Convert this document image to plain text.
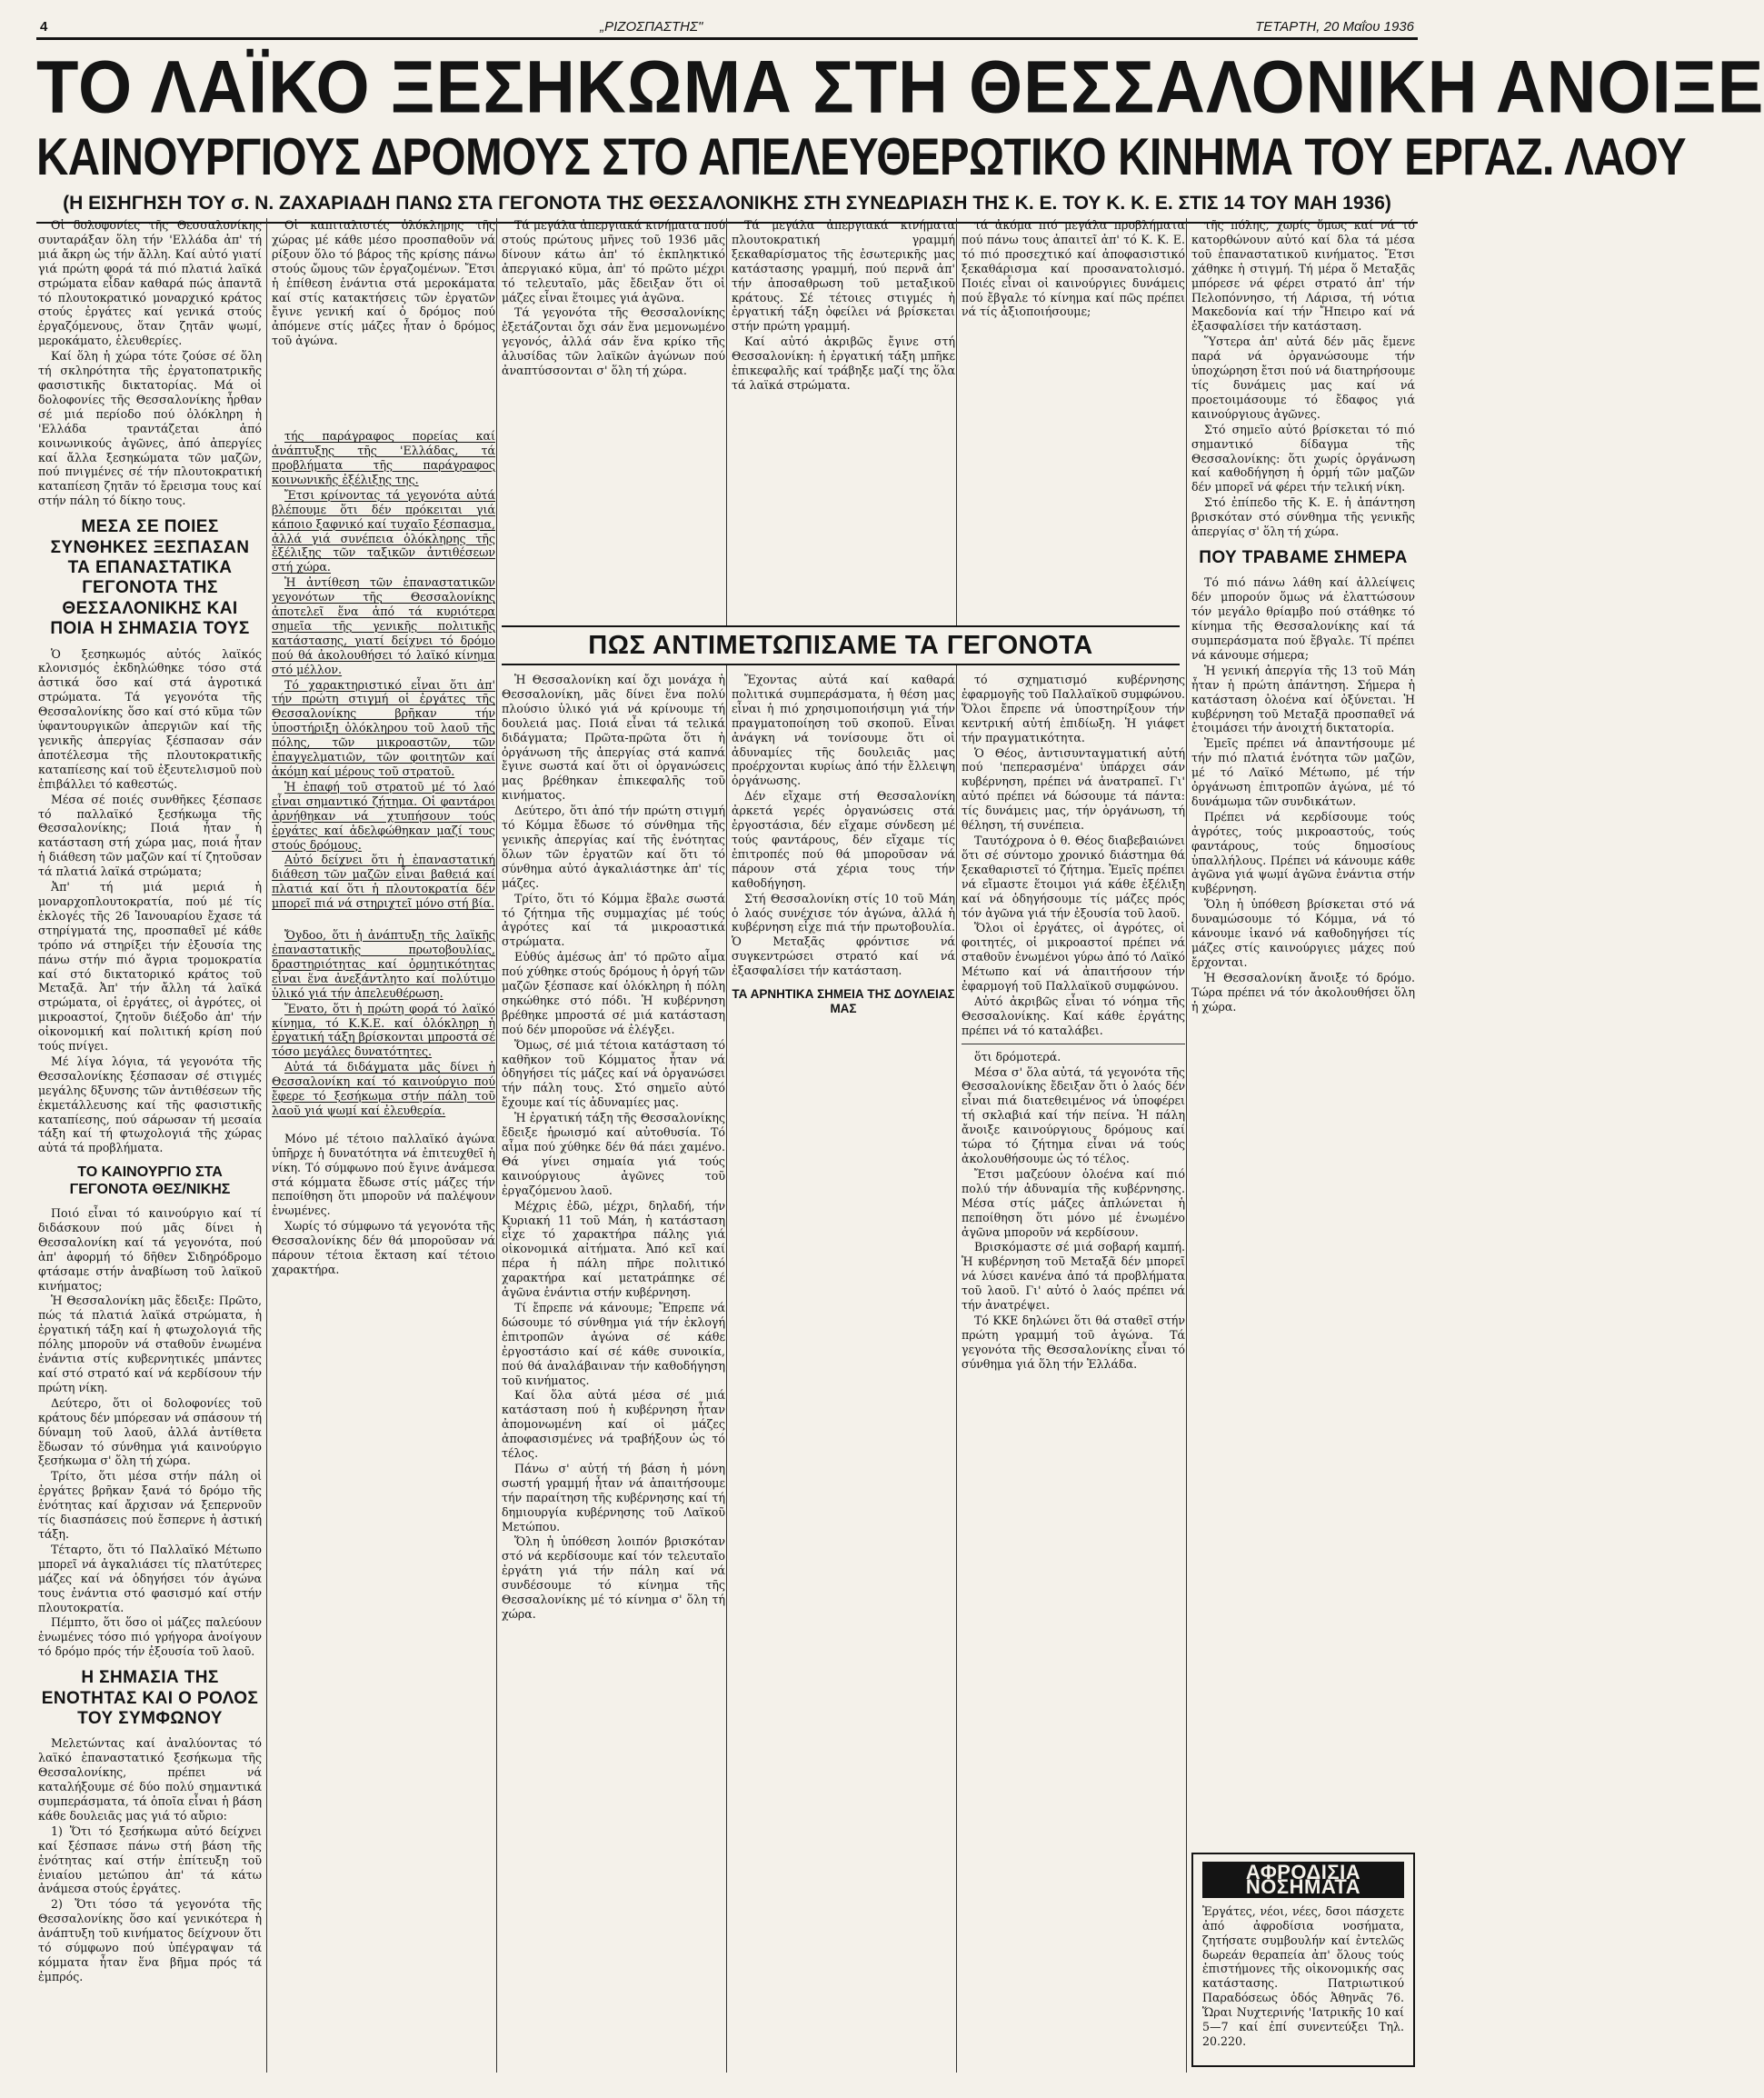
4	„ΡΙΖΟΣΠΑΣΤΗΣ"	ΤΕΤΑΡΤΗ, 20 Μαΐου 1936
ΤΟ ΛΑΪΚΟ ΞΕΣΗΚΩΜΑ ΣΤΗ ΘΕΣΣΑΛΟΝΙΚΗ ΑΝΟΙΞΕ
ΚΑΙΝΟΥΡΓΙΟΥΣ ΔΡΟΜΟΥΣ ΣΤΟ ΑΠΕΛΕΥΘΕΡΩΤΙΚΟ ΚΙΝΗΜΑ ΤΟΥ ΕΡΓΑΖ. ΛΑΟΥ
(Η ΕΙΣΗΓΗΣΗ ΤΟΥ σ. Ν. ΖΑΧΑΡΙΑΔΗ ΠΑΝΩ ΣΤΑ ΓΕΓΟΝΟΤΑ ΤΗΣ ΘΕΣΣΑΛΟΝΙΚΗΣ ΣΤΗ ΣΥΝΕΔΡΙΑΣΗ ΤΗΣ Κ. Ε. ΤΟΥ Κ. Κ. Ε. ΣΤΙΣ 14 ΤΟΥ ΜΑΗ 1936)

Οἱ δολοφονίες τῆς Θεσσαλονίκης συνταράξαν ὅλη τήν 'Ελλάδα ἀπ' τή μιά ἄκρη ὡς τήν ἄλλη. Καί αὐτό γιατί γιά πρώτη φορά τά πιό πλατιά λαϊκά στρώματα εἶδαν καθαρά πώς ἀπαντᾶ τό πλουτοκρατικό μοναρχικό κράτος στούς ἐργάτες καί γενικά στούς ἐργαζόμενους, ὅταν ζητᾶν ψωμί, μεροκάματο, ἐλευθερίες.

Καί ὅλη ἡ χώρα τότε ζούσε σέ ὅλη τή σκληρότητα τῆς ἐργατοπατρικῆς φασιστικῆς δικτατορίας. Μά οἱ δολοφονίες τῆς Θεσσαλονίκης ἦρθαν σέ μιά περίοδο πού ὁλόκληρη ἡ 'Ελλάδα τραντάζεται ἀπό κοινωνικούς ἀγῶνες, ἀπό ἀπεργίες καί ἄλλα ξεσηκώματα τῶν μαζῶν, πού πνιγμένες σέ τήν πλουτοκρατική καταπίεση ζητᾶν τό ἔρεισμα τους καί στήν πάλη τό δίκηο τους.

ΜΕΣΑ ΣΕ ΠΟΙΕΣ ΣΥΝΘΗΚΕΣ ΞΕΣΠΑΣΑΝ ΤΑ ΕΠΑΝΑΣΤΑΤΙΚΑ ΓΕΓΟΝΟΤΑ ΤΗΣ ΘΕΣΣΑΛΟΝΙΚΗΣ ΚΑΙ ΠΟΙΑ Η ΣΗΜΑΣΙΑ ΤΟΥΣ

Ὁ ξεσηκωμός αὐτός λαϊκός κλονισμός ἐκδηλώθηκε τόσο στά ἀστικά ὅσο καί στά ἀγροτικά στρώματα. Τά γεγονότα τῆς Θεσσαλονίκης ὅσο καί στό κῦμα τῶν ὑφαντουργικῶν ἀπεργιῶν καί τῆς γενικῆς ἀπεργίας ξέσπασαν σάν ἀποτέλεσμα τῆς πλουτοκρατικῆς καταπίεσης καί τοῦ ἐξευτελισμοῦ ποὺ ἐπιβάλλει τό καθεστώς.

Μέσα σέ ποιές συνθῆκες ξέσπασε τό παλλαϊκό ξεσήκωμα τῆς Θεσσαλονίκης; Ποιά ἦταν ἡ κατάσταση στή χώρα μας, ποιά ἦταν ἡ διάθεση τῶν μαζῶν καί τί ζητοῦσαν τά πλατιά λαϊκά στρώματα;

Ἀπ' τή μιά μεριά ἡ μοναρχοπλουτοκρατία, πού μέ τίς ἐκλογές τῆς 26 Ἰανουαρίου ἔχασε τά στηρίγματά της, προσπαθεῖ μέ κάθε τρόπο νά στηρίξει τήν ἐξουσία της πάνω στήν πιό ἄγρια τρομοκρατία καί στό δικτατορικό κράτος τοῦ Μεταξᾶ. Ἀπ' τήν ἄλλη τά λαϊκά στρώματα, οἱ ἐργάτες, οἱ ἀγρότες, οἱ μικροαστοί, ζητοῦν διέξοδο ἀπ' τήν οἰκονομική καί πολιτική κρίση πού τούς πνίγει.

Μέ λίγα λόγια, τά γεγονότα τῆς Θεσσαλονίκης ξέσπασαν σέ στιγμές μεγάλης δξυνσης τῶν ἀντιθέσεων τῆς ἐκμετάλλευσης καί τῆς φασιστικῆς καταπίεσης, πού σάρωσαν τή μεσαία τάξη καί τή φτωχολογιά τῆς χώρας αὐτά τά προβλήματα.

ΤΟ ΚΑΙΝΟΥΡΓΙΟ ΣΤΑ ΓΕΓΟΝΟΤΑ ΘΕΣ/ΝΙΚΗΣ

Ποιό εἶναι τό καινούργιο καί τί διδάσκουν πού μᾶς δίνει ἡ Θεσσαλονίκη καί τά γεγονότα, πού ἀπ' ἀφορμή τό δῆθεν Σιδηρόδρομο φτάσαμε στήν ἀναβίωση τοῦ λαϊκοῦ κινήματος;

Ἡ Θεσσαλονίκη μᾶς ἔδειξε: Πρῶτο, πώς τά πλατιά λαϊκά στρώματα, ἡ ἐργατική τάξη καί ἡ φτωχολογιά τῆς πόλης μποροῦν νά σταθοῦν ἑνωμένα ἐνάντια στίς κυβερνητικές μπάντες καί στό στρατό καί νά κερδίσουν τήν πρώτη νίκη.

Δεύτερο, ὅτι οἱ δολοφονίες τοῦ κράτους δέν μπόρεσαν νά σπάσουν τή δύναμη τοῦ λαοῦ, ἀλλά ἀντίθετα ἔδωσαν τό σύνθημα γιά καινούργιο ξεσήκωμα σ' ὅλη τή χώρα.

Τρίτο, ὅτι μέσα στήν πάλη οἱ ἐργάτες βρῆκαν ξανά τό δρόμο τῆς ἑνότητας καί ἄρχισαν νά ξεπερνοῦν τίς διασπάσεις πού ἔσπερνε ἡ ἀστική τάξη.

Τέταρτο, ὅτι τό Παλλαϊκό Μέτωπο μπορεῖ νά ἀγκαλιάσει τίς πλατύτερες μάζες καί νά ὁδηγήσει τόν ἀγώνα τους ἐνάντια στό φασισμό καί στήν πλουτοκρατία.

Πέμπτο, ὅτι ὅσο οἱ μάζες παλεύουν ἑνωμένες τόσο πιό γρήγορα ἀνοίγουν τό δρόμο πρός τήν ἐξουσία τοῦ λαοῦ.

Η ΣΗΜΑΣΙΑ ΤΗΣ ΕΝΟΤΗΤΑΣ ΚΑΙ Ο ΡΟΛΟΣ ΤΟΥ ΣΥΜΦΩΝΟΥ

Μελετώντας καί ἀναλύοντας τό λαϊκό ἐπαναστατικό ξεσήκωμα τῆς Θεσσαλονίκης, πρέπει νά καταλήξουμε σέ δύο πολύ σημαντικά συμπεράσματα, τά ὁποῖα εἶναι ἡ βάση κάθε δουλειᾶς μας γιά τό αὔριο:

1) Ὅτι τό ξεσήκωμα αὐτό δείχνει καί ξέσπασε πάνω στή βάση τῆς ἑνότητας καί στήν ἐπίτευξη τοῦ ἑνιαίου μετώπου ἀπ' τά κάτω ἀνάμεσα στούς ἐργάτες.

2) Ὅτι τόσο τά γεγονότα τῆς Θεσσαλονίκης ὅσο καί γενικότερα ἡ ἀνάπτυξη τοῦ κινήματος δείχνουν ὅτι τό σύμφωνο πού ὑπέγραψαν τά κόμματα ἦταν ἕνα βῆμα πρός τά ἐμπρός.

Οἱ καπιταλιστές ὁλόκληρης τῆς χώρας μέ κάθε μέσο προσπαθοῦν νά ρίξουν ὅλο τό βάρος τῆς κρίσης πάνω στούς ὤμους τῶν ἐργαζομένων. Ἔτσι ἡ ἐπίθεση ἐνάντια στά μεροκάματα καί στίς κατακτήσεις τῶν ἐργατῶν ἔγινε γενική καί ὁ δρόμος πού ἀπόμενε στίς μάζες ἦταν ὁ δρόμος τοῦ ἀγώνα.

τής παράγραφος πορείας καί ἀνάπτυξης τῆς 'Ελλάδας, τά προβλήματα τῆς παράγραφος κοινωνικῆς ἐξέλιξης της.

Ἔτσι κρίνοντας τά γεγονότα αὐτά βλέπουμε ὅτι δέν πρόκειται γιά κάποιο ξαφνικό καί τυχαῖο ξέσπασμα, ἀλλά γιά συνέπεια ὁλόκληρης τῆς ἐξέλιξης τῶν ταξικῶν ἀντιθέσεων στή χώρα.

Ἡ ἀντίθεση τῶν ἐπαναστατικῶν γεγονότων τῆς Θεσσαλονίκης ἀποτελεῖ ἕνα ἀπό τά κυριότερα σημεῖα τῆς γενικῆς πολιτικῆς κατάστασης, γιατί δείχνει τό δρόμο πού θά ἀκολουθήσει τό λαϊκό κίνημα στό μέλλον.

Τό χαρακτηριστικό εἶναι ὅτι ἀπ' τήν πρώτη στιγμή οἱ ἐργάτες τῆς Θεσσαλονίκης βρῆκαν τήν ὑποστήριξη ὁλόκληρου τοῦ λαοῦ τῆς πόλης, τῶν μικροαστῶν, τῶν ἐπαγγελματιῶν, τῶν φοιτητῶν καί ἀκόμη καί μέρους τοῦ στρατοῦ.

Ἡ ἐπαφή τοῦ στρατοῦ μέ τό λαό εἶναι σημαντικό ζήτημα. Οἱ φαντάροι ἀρνήθηκαν νά χτυπήσουν τούς ἐργάτες καί ἀδελφώθηκαν μαζί τους στούς δρόμους.

Αὐτό δείχνει ὅτι ἡ ἐπαναστατική διάθεση τῶν μαζῶν εἶναι βαθειά καί πλατιά καί ὅτι ἡ πλουτοκρατία δέν μπορεῖ πιά νά στηριχτεῖ μόνο στή βία.

Ὄγδοο, ὅτι ἡ ἀνάπτυξη τῆς λαϊκῆς ἐπαναστατικῆς πρωτοβουλίας, δραστηριότητας καί ὁρμητικότητας εἶναι ἕνα ἀνεξάντλητο καί πολύτιμο ὑλικό γιά τήν ἀπελευθέρωση.

Ἔνατο, ὅτι ἡ πρώτη φορά τό λαϊκό κίνημα, τό Κ.Κ.Ε. καί ὁλόκληρη ἡ ἐργατική τάξη βρίσκονται μπροστά σέ τόσο μεγάλες δυνατότητες.

Αὐτά τά διδάγματα μᾶς δίνει ἡ Θεσσαλονίκη καί τό καινούργιο πού ἔφερε τό ξεσήκωμα στήν πάλη τοῦ λαοῦ γιά ψωμί καί ἐλευθερία.

Μόνο μέ τέτοιο παλλαϊκό ἀγώνα ὑπῆρχε ἡ δυνατότητα νά ἐπιτευχθεῖ ἡ νίκη. Τό σύμφωνο πού ἔγινε ἀνάμεσα στά κόμματα ἔδωσε στίς μάζες τήν πεποίθηση ὅτι μποροῦν νά παλέψουν ἑνωμένες.

Χωρίς τό σύμφωνο τά γεγονότα τῆς Θεσσαλονίκης δέν θά μποροῦσαν νά πάρουν τέτοια ἔκταση καί τέτοιο χαρακτήρα.

Τά μεγάλα ἀπεργιακά κινήματα πού στούς πρώτους μῆνες τοῦ 1936 μᾶς δίνουν κάτω ἀπ' τό ἐκπληκτικό ἀπεργιακό κῦμα, ἀπ' τό πρῶτο μέχρι τό τελευταῖο, μᾶς ἔδειξαν ὅτι οἱ μάζες εἶναι ἕτοιμες γιά ἀγῶνα.

Τά γεγονότα τῆς Θεσσαλονίκης ἐξετάζονται ὄχι σάν ἕνα μεμονωμένο γεγονός, ἀλλά σάν ἕνα κρίκο τῆς ἁλυσίδας τῶν λαϊκῶν ἀγώνων πού ἀναπτύσσονται σ' ὅλη τή χώρα.

Τά μεγάλα ἀπεργιακά κινήματα πλουτοκρατική γραμμή ξεκαθαρίσματος τῆς ἐσωτερικῆς μας κατάστασης γραμμή, πού περνᾶ ἀπ' τήν ἀποσαθρωση τοῦ μεταξικοῦ κράτους. Σέ τέτοιες στιγμές ἡ ἐργατική τάξη ὀφείλει νά βρίσκεται στήν πρώτη γραμμή.

Καί αὐτό ἀκριβῶς ἔγινε στή Θεσσαλονίκη: ἡ ἐργατική τάξη μπῆκε ἐπικεφαλῆς καί τράβηξε μαζί της ὅλα τά λαϊκά στρώματα.

τά ἀκόμα πιό μεγάλα προβλήματα πού πάνω τους ἀπαιτεῖ ἀπ' τό Κ. Κ. Ε. τό πιό προσεχτικό καί ἀποφασιστικό ξεκαθάρισμα καί προσανατολισμό. Ποιές εἶναι οἱ καινούργιες δυνάμεις πού ἔβγαλε τό κίνημα καί πῶς πρέπει νά τίς ἀξιοποιήσουμε;

ΠΩΣ ΑΝΤΙΜΕΤΩΠΙΣΑΜΕ ΤΑ ΓΕΓΟΝΟΤΑ

Ἡ Θεσσαλονίκη καί ὄχι μονάχα ἡ Θεσσαλονίκη, μᾶς δίνει ἕνα πολύ πλούσιο ὑλικό γιά νά κρίνουμε τή δουλειά μας. Ποιά εἶναι τά τελικά διδάγματα; Πρῶτα-πρῶτα ὅτι ἡ ὀργάνωση τῆς ἀπεργίας στά καπνά ἔγινε σωστά καί ὅτι οἱ ὀργανώσεις μας βρέθηκαν ἐπικεφαλῆς τοῦ κινήματος.

Δεύτερο, ὅτι ἀπό τήν πρώτη στιγμή τό Κόμμα ἔδωσε τό σύνθημα τῆς γενικῆς ἀπεργίας καί τῆς ἑνότητας ὅλων τῶν ἐργατῶν καί ὅτι τό σύνθημα αὐτό ἀγκαλιάστηκε ἀπ' τίς μάζες.

Τρίτο, ὅτι τό Κόμμα ἔβαλε σωστά τό ζήτημα τῆς συμμαχίας μέ τούς ἀγρότες καί τά μικροαστικά στρώματα.

Εὐθύς ἀμέσως ἀπ' τό πρῶτο αἷμα πού χύθηκε στούς δρόμους ἡ ὀργή τῶν μαζῶν ξέσπασε καί ὁλόκληρη ἡ πόλη σηκώθηκε στό πόδι. Ἡ κυβέρνηση βρέθηκε μπροστά σέ μιά κατάσταση πού δέν μποροῦσε νά ἐλέγξει.

Ὅμως, σέ μιά τέτοια κατάσταση τό καθῆκον τοῦ Κόμματος ἦταν νά ὁδηγήσει τίς μάζες καί νά ὀργανώσει τήν πάλη τους. Στό σημεῖο αὐτό ἔχουμε καί τίς ἀδυναμίες μας.

Ἡ ἐργατική τάξη τῆς Θεσσαλονίκης ἔδειξε ἡρωισμό καί αὐτοθυσία. Τό αἷμα πού χύθηκε δέν θά πάει χαμένο. Θά γίνει σημαία γιά τούς καινούργιους ἀγῶνες τοῦ ἐργαζόμενου λαοῦ.

Μέχρις ἐδῶ, μέχρι, δηλαδή, τήν Κυριακή 11 τοῦ Μάη, ἡ κατάσταση εἶχε τό χαρακτήρα πάλης γιά οἰκονομικά αἰτήματα. Ἀπό κεῖ καί πέρα ἡ πάλη πῆρε πολιτικό χαρακτήρα καί μετατράπηκε σέ ἀγῶνα ἐνάντια στήν κυβέρνηση.

Τί ἔπρεπε νά κάνουμε; Ἔπρεπε νά δώσουμε τό σύνθημα γιά τήν ἐκλογή ἐπιτροπῶν ἀγώνα σέ κάθε ἐργοστάσιο καί σέ κάθε συνοικία, πού θά ἀναλάβαιναν τήν καθοδήγηση τοῦ κινήματος.

Καί ὅλα αὐτά μέσα σέ μιά κατάσταση πού ἡ κυβέρνηση ἦταν ἀπομονωμένη καί οἱ μάζες ἀποφασισμένες νά τραβήξουν ὡς τό τέλος.

Πάνω σ' αὐτή τή βάση ἡ μόνη σωστή γραμμή ἦταν νά ἀπαιτήσουμε τήν παραίτηση τῆς κυβέρνησης καί τή δημιουργία κυβέρνησης τοῦ Λαϊκοῦ Μετώπου.

Ὅλη ἡ ὑπόθεση λοιπόν βρισκόταν στό νά κερδίσουμε καί τόν τελευταῖο ἐργάτη γιά τήν πάλη καί νά συνδέσουμε τό κίνημα τῆς Θεσσαλονίκης μέ τό κίνημα σ' ὅλη τή χώρα.

Ἔχοντας αὐτά καί καθαρά πολιτικά συμπεράσματα, ἡ θέση μας εἶναι ἡ πιό χρησιμοποιήσιμη γιά τήν πραγματοποίηση τοῦ σκοποῦ. Εἶναι ἀνάγκη νά τονίσουμε ὅτι οἱ ἀδυναμίες τῆς δουλειᾶς μας προέρχονται κυρίως ἀπό τήν ἔλλειψη ὀργάνωσης.

Δέν εἴχαμε στή Θεσσαλονίκη ἀρκετά γερές ὀργανώσεις στά ἐργοστάσια, δέν εἴχαμε σύνδεση μέ τούς φαντάρους, δέν εἴχαμε τίς ἐπιτροπές πού θά μποροῦσαν νά πάρουν στά χέρια τους τήν καθοδήγηση.

Στή Θεσσαλονίκη στίς 10 τοῦ Μάη ὁ λαός συνέχισε τόν ἀγώνα, ἀλλά ἡ κυβέρνηση εἶχε πιά τήν πρωτοβουλία. Ὁ Μεταξᾶς φρόντισε νά συγκεντρώσει στρατό καί νά ἐξασφαλίσει τήν κατάσταση.

ΤΑ ΑΡΝΗΤΙΚΑ ΣΗΜΕΙΑ ΤΗΣ ΔΟΥΛΕΙΑΣ ΜΑΣ

τῆς πόλης, χωρίς ὅμως καί νά τό κατορθώνουν αὐτό καί δλα τά μέσα τοῦ ἐπαναστατικοῦ κινήματος. Ἔτσι χάθηκε ἡ στιγμή. Τή μέρα ὅ Μεταξᾶς μπόρεσε νά φέρει στρατό ἀπ' τήν Πελοπόννησο, τή Λάρισα, τή νότια Μακεδονία καί τήν Ἤπειρο καί νά ἐξασφαλίσει τήν κατάσταση.

Ὕστερα ἀπ' αὐτά δέν μᾶς ἔμενε παρά νά ὀργανώσουμε τήν ὑποχώρηση ἔτσι πού νά διατηρήσουμε τίς δυνάμεις μας καί νά προετοιμάσουμε τό ἔδαφος γιά καινούργιους ἀγῶνες.

Στό σημεῖο αὐτό βρίσκεται τό πιό σημαντικό δίδαγμα τῆς Θεσσαλονίκης: ὅτι χωρίς ὀργάνωση καί καθοδήγηση ἡ ὁρμή τῶν μαζῶν δέν μπορεῖ νά φέρει τήν τελική νίκη.

Στό ἐπίπεδο τῆς Κ. Ε. ἡ ἀπάντηση βρισκόταν στό σύνθημα τῆς γενικῆς ἀπεργίας σ' ὅλη τή χώρα.

ΠΟΥ ΤΡΑΒΑΜΕ ΣΗΜΕΡΑ

Τό πιό πάνω λάθη καί ἀλλείψεις δέν μπορούν ὅμως νά ἐλαττώσουν τόν μεγάλο θρίαμβο πού στάθηκε τό κίνημα τῆς Θεσσαλονίκης καί τά συμπεράσματα πού ἔβγαλε. Τί πρέπει νά κάνουμε σήμερα;

Ἡ γενική ἀπεργία τῆς 13 τοῦ Μάη ἦταν ἡ πρώτη ἀπάντηση. Σήμερα ἡ κατάσταση ὁλοένα καί ὀξύνεται. Ἡ κυβέρνηση τοῦ Μεταξᾶ προσπαθεῖ νά ἑτοιμάσει τήν ἀνοιχτή δικτατορία.

Ἐμεῖς πρέπει νά ἀπαντήσουμε μέ τήν πιό πλατιά ἑνότητα τῶν μαζῶν, μέ τό Λαϊκό Μέτωπο, μέ τήν ὀργάνωση ἐπιτροπῶν ἀγώνα, μέ τό δυνάμωμα τῶν συνδικάτων.

Πρέπει νά κερδίσουμε τούς ἀγρότες, τούς μικροαστούς, τούς φαντάρους, τούς δημοσίους ὑπαλλήλους. Πρέπει νά κάνουμε κάθε ἀγῶνα γιά ψωμί ἀγῶνα ἐνάντια στήν κυβέρνηση.

Ὅλη ἡ ὑπόθεση βρίσκεται στό νά δυναμώσουμε τό Κόμμα, νά τό κάνουμε ἱκανό νά καθοδηγήσει τίς μάζες στίς καινούργιες μάχες πού ἔρχονται.

Ἡ Θεσσαλονίκη ἄνοιξε τό δρόμο. Τώρα πρέπει νά τόν ἀκολουθήσει ὅλη ἡ χώρα.

τό σχηματισμό κυβέρνησης ἐφαρμογῆς τοῦ Παλλαϊκοῦ συμφώνου. Ὅλοι ἔπρεπε νά ὑποστηρίξουν τήν κεντρική αὐτή ἐπιδίωξη. Ἡ γιάφετ τήν πραγματικότητα.

Ὁ Θέος, ἀντισυνταγματική αὐτή πού 'πεπερασμένα' ὑπάρχει σάν κυβέρνηση, πρέπει νά ἀνατραπεῖ. Γι' αὐτό πρέπει νά δώσουμε τά πάντα: τίς δυνάμεις μας, τήν ὀργάνωση, τή θέληση, τή συνέπεια.

Ταυτόχρονα ὁ θ. Θέος διαβεβαιώνει ὅτι σέ σύντομο χρονικό διάστημα θά ξεκαθαριστεῖ τό ζήτημα. Ἐμεῖς πρέπει νά εἴμαστε ἕτοιμοι γιά κάθε ἐξέλιξη καί νά ὁδηγήσουμε τίς μάζες πρός τόν ἀγῶνα γιά τήν ἐξουσία τοῦ λαοῦ.

Ὅλοι οἱ ἐργάτες, οἱ ἀγρότες, οἱ φοιτητές, οἱ μικροαστοί πρέπει νά σταθοῦν ἑνωμένοι γύρω ἀπό τό Λαϊκό Μέτωπο καί νά ἀπαιτήσουν τήν ἐφαρμογή τοῦ Παλλαϊκοῦ συμφώνου.

Αὐτό ἀκριβῶς εἶναι τό νόημα τῆς Θεσσαλονίκης. Καί κάθε ἐργάτης πρέπει νά τό καταλάβει.

ὅτι δρόμοτερά.

Μέσα σ' ὅλα αὐτά, τά γεγονότα τῆς Θεσσαλονίκης ἔδειξαν ὅτι ὁ λαός δέν εἶναι πιά διατεθειμένος νά ὑποφέρει τή σκλαβιά καί τήν πείνα. Ἡ πάλη ἄνοιξε καινούργιους δρόμους καί τώρα τό ζήτημα εἶναι νά τούς ἀκολουθήσουμε ὡς τό τέλος.

Ἔτσι μαζεύουν ὁλοένα καί πιό πολύ τήν ἀδυναμία τῆς κυβέρνησης. Μέσα στίς μάζες ἁπλώνεται ἡ πεποίθηση ὅτι μόνο μέ ἑνωμένο ἀγῶνα μποροῦν νά κερδίσουν.

Βρισκόμαστε σέ μιά σοβαρή καμπή. Ἡ κυβέρνηση τοῦ Μεταξᾶ δέν μπορεῖ νά λύσει κανένα ἀπό τά προβλήματα τοῦ λαοῦ. Γι' αὐτό ὁ λαός πρέπει νά τήν ἀνατρέψει.

Τό ΚΚΕ δηλώνει ὅτι θά σταθεῖ στήν πρώτη γραμμή τοῦ ἀγώνα. Τά γεγονότα τῆς Θεσσαλονίκης εἶναι τό σύνθημα γιά ὅλη τήν Ἑλλάδα.

ΑΦΡΟΔΙΣΙΑ ΝΟΣΗΜΑΤΑ

Ἐργάτες, νέοι, νέες, δσοι πάσχετε ἀπό ἀφροδίσια νοσήματα, ζητήσατε συμβουλήν καί ἐντελῶς δωρεάν θεραπεία ἀπ' ὅλους τούς ἐπιστήμονες τῆς οἰκονομικής σας κατάστασης. Πατριωτικού Παραδόσεως ὁδός Ἀθηνᾶς 76. Ὥραι Νυχτερινής 'Ιατρικῆς 10 καί 5—7 καί ἐπί συνεντεύξει Τηλ. 20.220.
